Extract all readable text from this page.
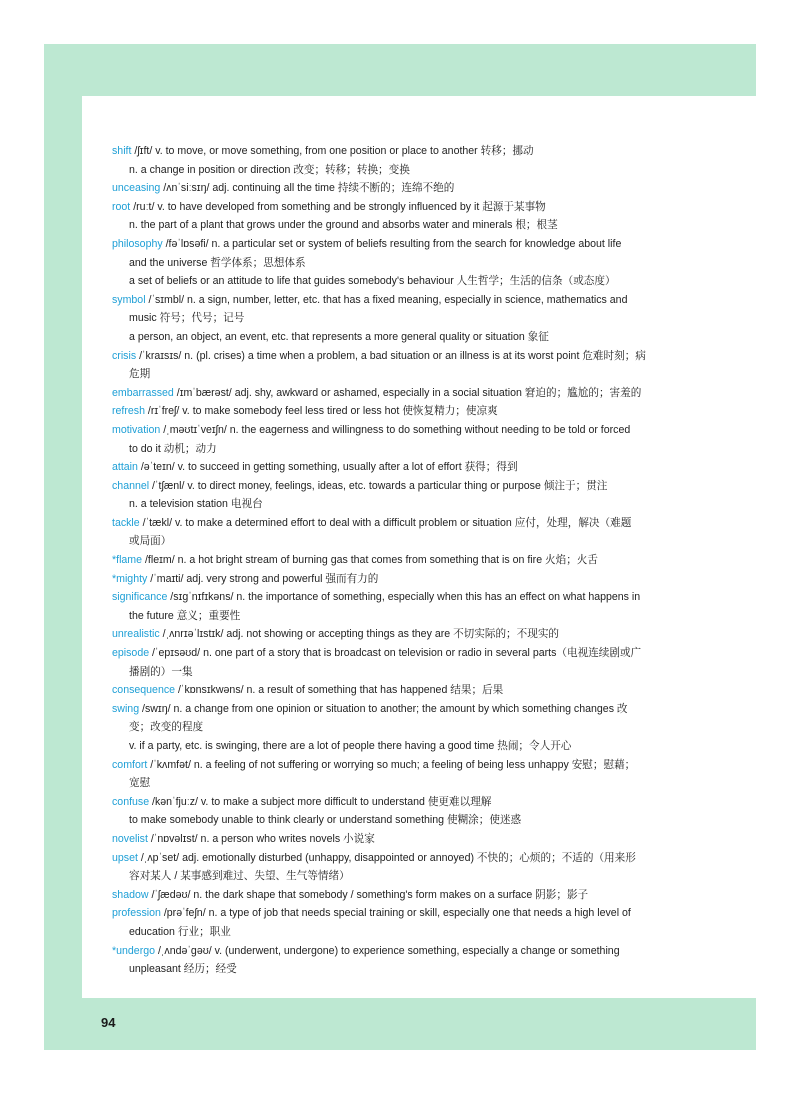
shift /ʃɪft/ v. to move, or move something, from one position or place to another 转移；挪动
n. a change in position or direction 改变；转移；转换；变换
unceasing /ʌnˈsiːsɪŋ/ adj. continuing all the time 持续不断的；连绵不绝的
root /ruːt/ v. to have developed from something and be strongly influenced by it 起源于某事物
n. the part of a plant that grows under the ground and absorbs water and minerals 根；根茎
philosophy /fəˈlɒsəfi/ n. a particular set or system of beliefs resulting from the search for knowledge about life
and the universe 哲学体系；思想体系
a set of beliefs or an attitude to life that guides somebody's behaviour 人生哲学；生活的信条（或态度）
symbol /ˈsɪmbl/ n. a sign, number, letter, etc. that has a fixed meaning, especially in science, mathematics and
music 符号；代号；记号
a person, an object, an event, etc. that represents a more general quality or situation 象征
crisis /ˈkraɪsɪs/ n. (pl. crises) a time when a problem, a bad situation or an illness is at its worst point 危难时刻；病
危期
embarrassed /ɪmˈbærəst/ adj. shy, awkward or ashamed, especially in a social situation 窘迫的；尴尬的；害羞的
refresh /rɪˈfreʃ/ v. to make somebody feel less tired or less hot 使恢复精力；使凉爽
motivation /ˌməʊtɪˈveɪʃn/ n. the eagerness and willingness to do something without needing to be told or forced
to do it 动机；动力
attain /əˈteɪn/ v. to succeed in getting something, usually after a lot of effort 获得；得到
channel /ˈtʃænl/ v. to direct money, feelings, ideas, etc. towards a particular thing or purpose 倾注于；贯注
n. a television station 电视台
tackle /ˈtækl/ v. to make a determined effort to deal with a difficult problem or situation 应付，处理，解决（难题
或局面）
*flame /fleɪm/ n. a hot bright stream of burning gas that comes from something that is on fire 火焰；火舌
*mighty /ˈmaɪti/ adj. very strong and powerful 强而有力的
significance /sɪɡˈnɪfɪkəns/ n. the importance of something, especially when this has an effect on what happens in
the future 意义；重要性
unrealistic /ˌʌnrɪəˈlɪstɪk/ adj. not showing or accepting things as they are 不切实际的；不现实的
episode /ˈepɪsəʊd/ n. one part of a story that is broadcast on television or radio in several parts（电视连续剧或广
播剧的）一集
consequence /ˈkɒnsɪkwəns/ n. a result of something that has happened 结果；后果
swing /swɪŋ/ n. a change from one opinion or situation to another; the amount by which something changes 改
变；改变的程度
v. if a party, etc. is swinging, there are a lot of people there having a good time 热闹；令人开心
comfort /ˈkʌmfət/ n. a feeling of not suffering or worrying so much; a feeling of being less unhappy 安慰；慰藉；
宽慰
confuse /kənˈfjuːz/ v. to make a subject more difficult to understand 使更难以理解
to make somebody unable to think clearly or understand something 使糊涂；使迷惑
novelist /ˈnɒvəlɪst/ n. a person who writes novels 小说家
upset /ˌʌpˈset/ adj. emotionally disturbed (unhappy, disappointed or annoyed) 不快的；心烦的；不适的（用来形
容对某人 / 某事感到难过、失望、生气等情绪）
shadow /ˈʃædəʊ/ n. the dark shape that somebody / something's form makes on a surface 阴影；影子
profession /prəˈfeʃn/ n. a type of job that needs special training or skill, especially one that needs a high level of
education 行业；职业
*undergo /ˌʌndəˈɡəʊ/ v. (underwent, undergone) to experience something, especially a change or something
unpleasant 经历；经受
94
